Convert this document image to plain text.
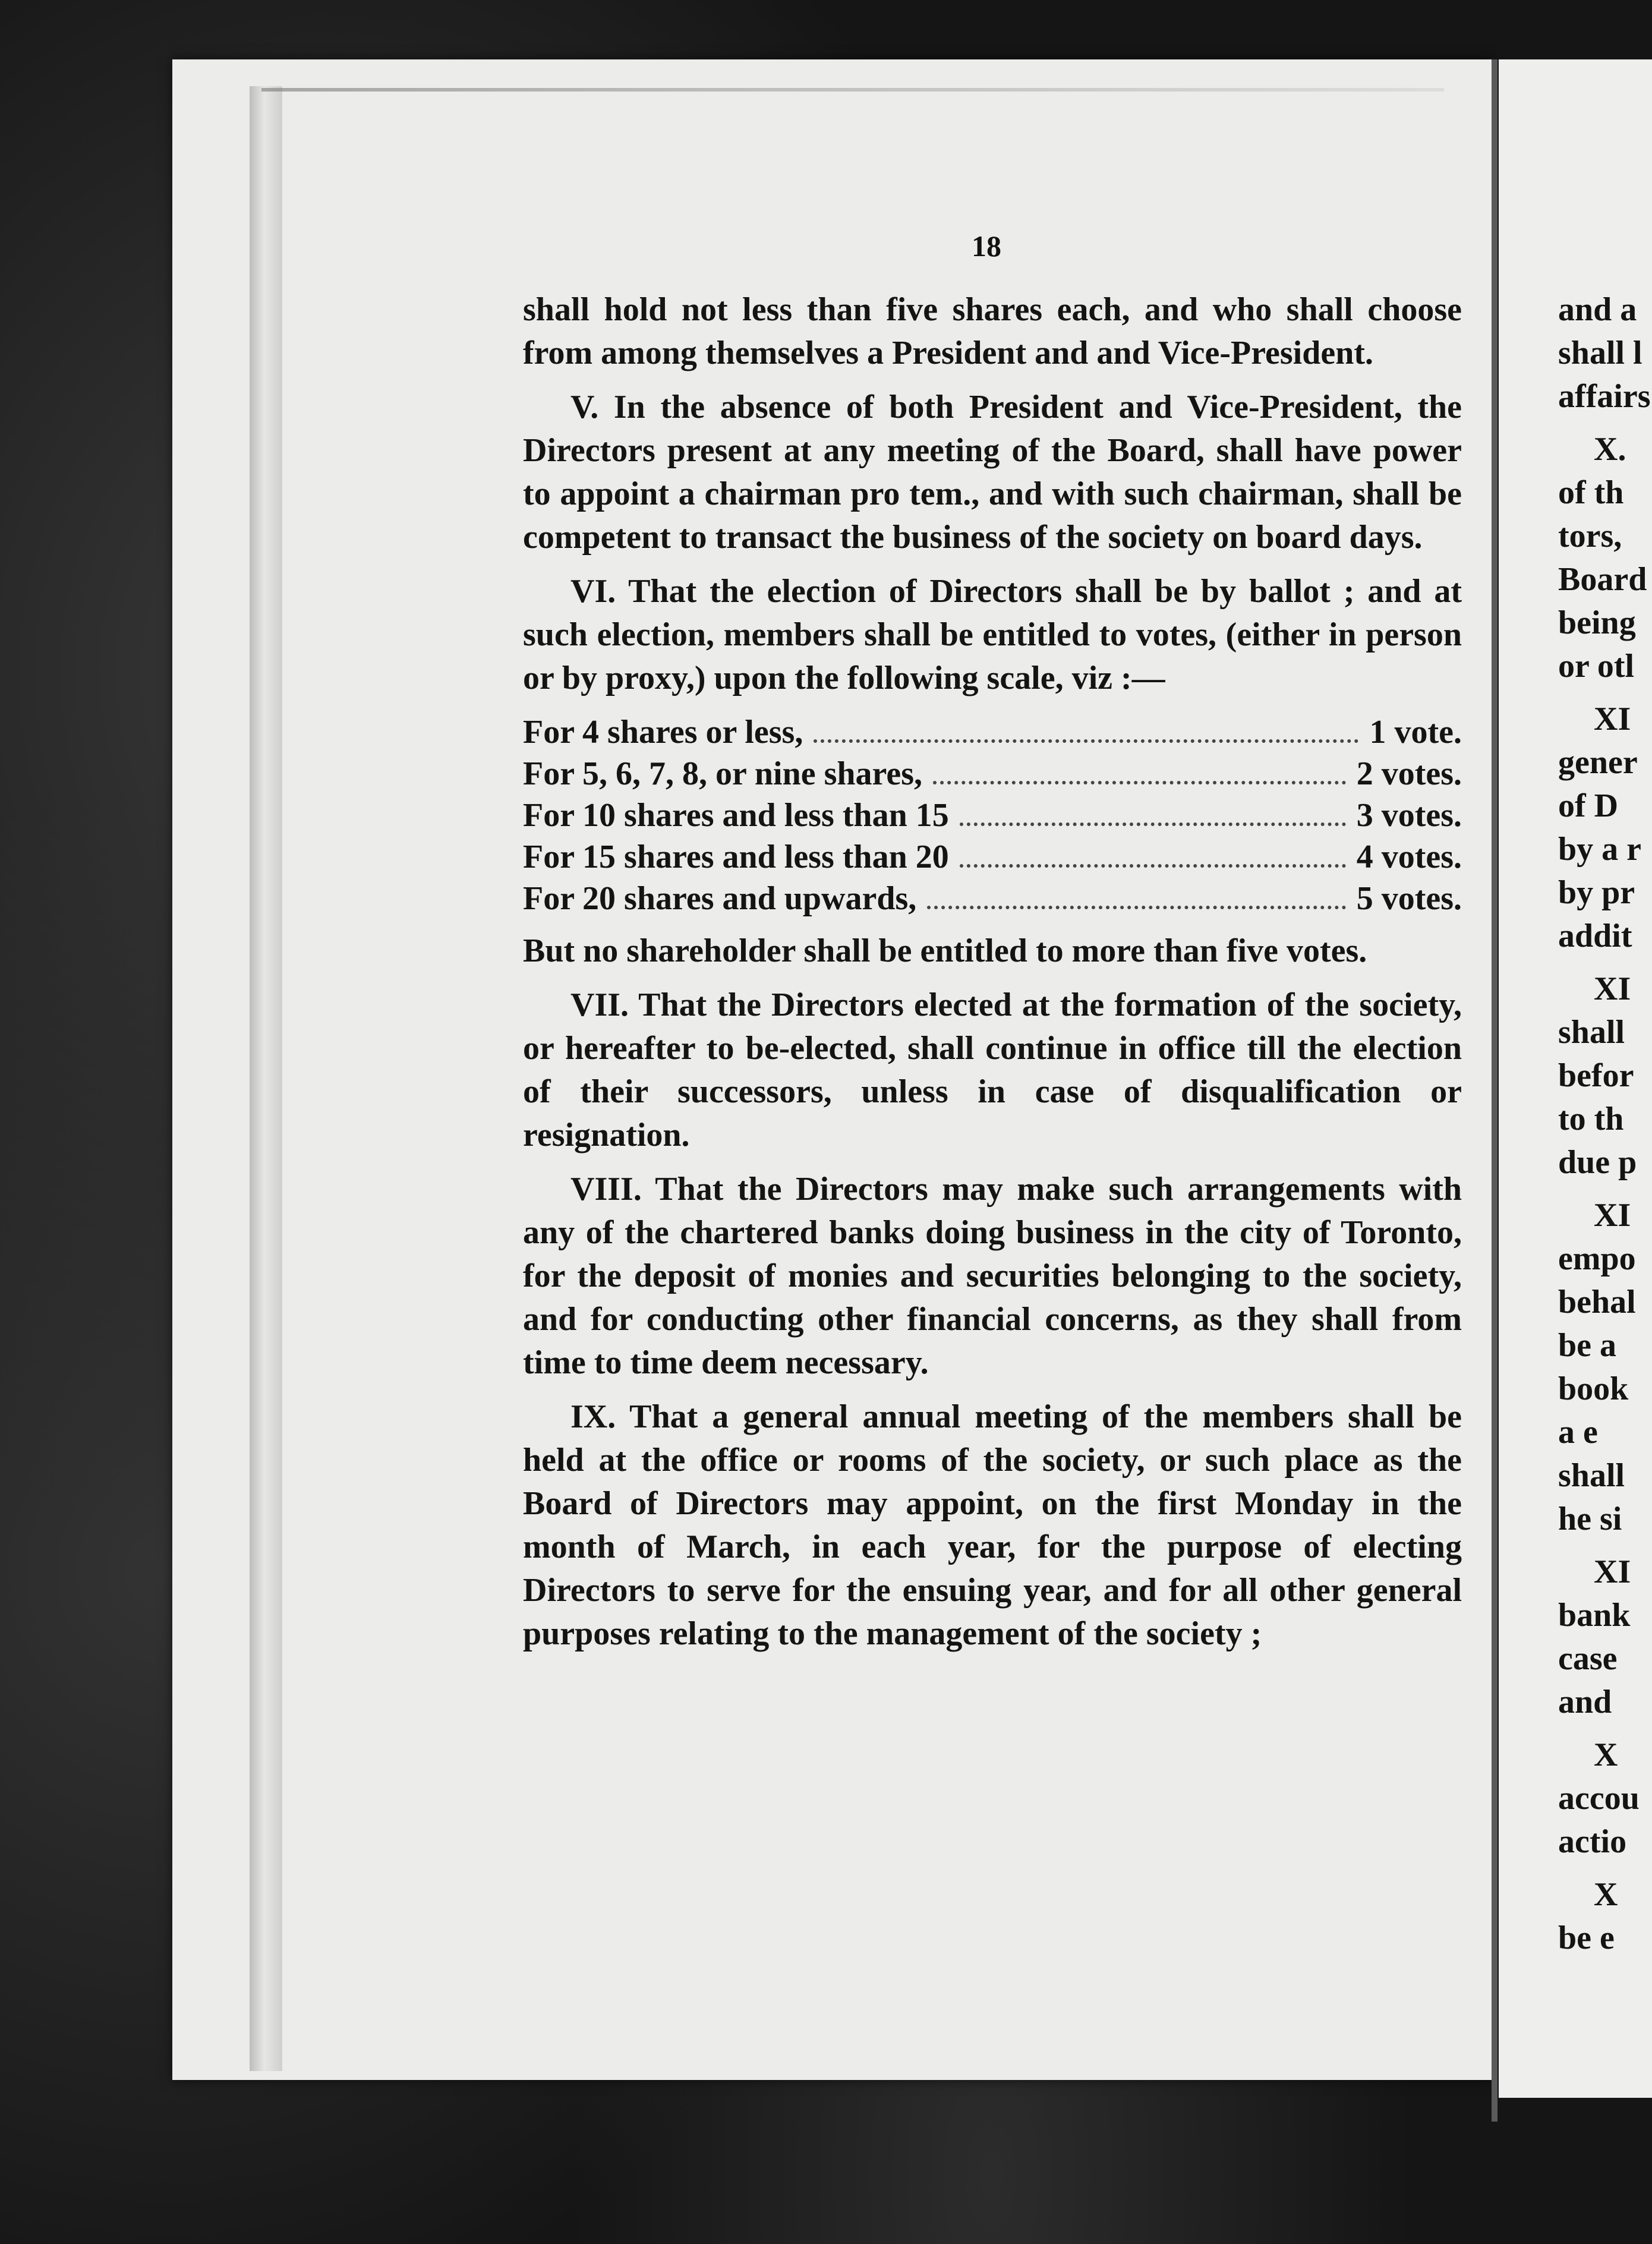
18

shall hold not less than five shares each, and who shall choose from among themselves a President and and Vice-President.

V. In the absence of both President and Vice-President, the Directors present at any meeting of the Board, shall have power to appoint a chairman pro tem., and with such chairman, shall be competent to transact the business of the society on board days.

VI. That the election of Directors shall be by ballot ; and at such election, members shall be entitled to votes, (either in person or by proxy,) upon the following scale, viz :—

For 4 shares or less,	1 vote.
For 5, 6, 7, 8, or nine shares,	2 votes.
For 10 shares and less than 15	3 votes.
For 15 shares and less than 20	4 votes.
For 20 shares and upwards,	5 votes.

But no shareholder shall be entitled to more than five votes.

VII. That the Directors elected at the formation of the society, or hereafter to be-elected, shall continue in office till the election of their successors, unless in case of disqualification or resignation.

VIII. That the Directors may make such arrangements with any of the chartered banks doing business in the city of Toronto, for the deposit of monies and securities belonging to the society, and for conducting other financial concerns, as they shall from time to time deem necessary.

IX. That a general annual meeting of the members shall be held at the office or rooms of the society, or such place as the Board of Directors may appoint, on the first Monday in the month of March, in each year, for the purpose of electing Directors to serve for the ensuing year, and for all other general purposes relating to the management of the society ;

and a
shall l
affairs
X.
of th
tors,
Board
being
or otl
XI
gener
of D
by a r
by pr
addit
XI
shall
befor
to th
due p
XI
empo
behal
be a
book
a e
shall
he si
XI
bank
case
and
X
accou
actio
X
be e
